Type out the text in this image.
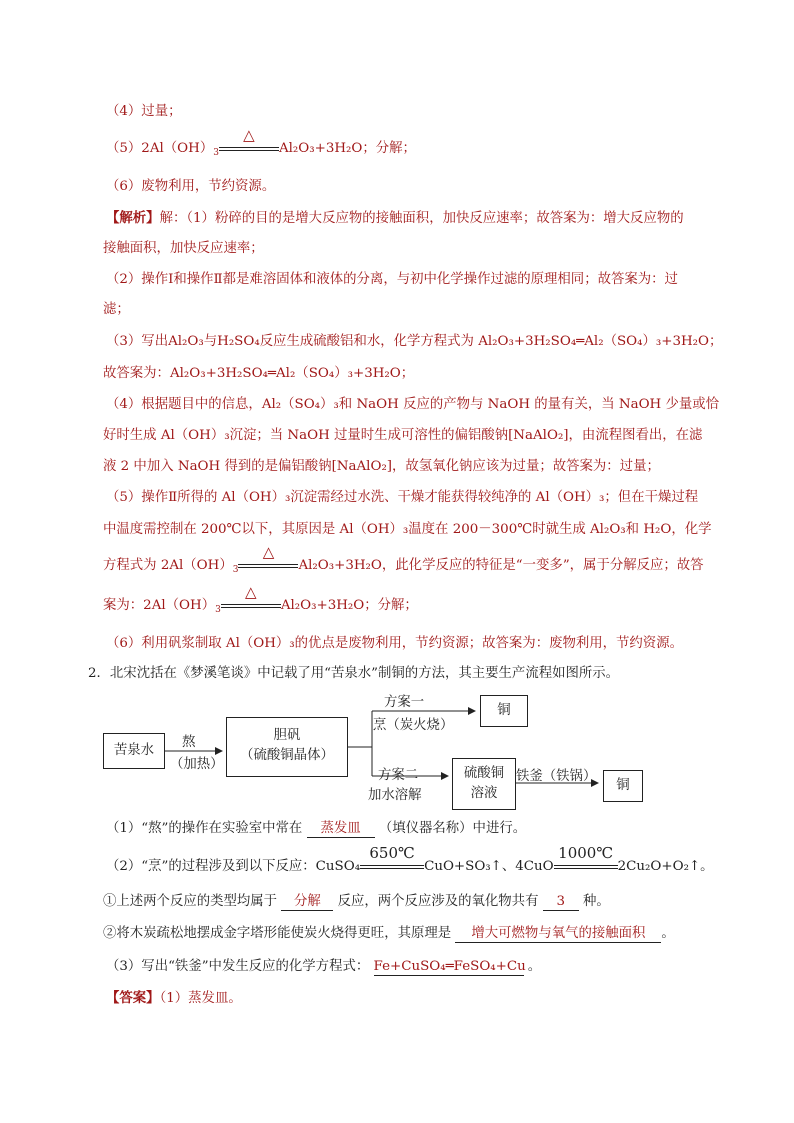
（4）过量；
$(5)2Al(OH)_3$
△
Al₂O₃+3H₂O；分解；
（6）废物利用，节约资源。
【解析】解：（1）粉碎的目的是增大反应物的接触面积，加快反应速率；故答案为：增大反应物的
接触面积，加快反应速率；
（2）操作Ⅰ和操作Ⅱ都是难溶固体和液体的分离，与初中化学操作过滤的原理相同；故答案为：过
滤；
（3）写出Al₂O₃与H₂SO₄反应生成硫酸铝和水，化学方程式为 Al₂O₃+3H₂SO₄═Al₂（SO₄）₃+3H₂O；
故答案为：Al₂O₃+3H₂SO₄═Al₂（SO₄）₃+3H₂O；
（4）根据题目中的信息，Al₂（SO₄）₃和 NaOH 反应的产物与 NaOH 的量有关，当 NaOH 少量或恰
好时生成 Al（OH）₃沉淀；当 NaOH 过量时生成可溶性的偏铝酸钠[NaAlO₂]，由流程图看出，在滤
液 2 中加入 NaOH 得到的是偏铝酸钠[NaAlO₂]，故氢氧化钠应该为过量；故答案为：过量；
（5）操作Ⅱ所得的 Al（OH）₃沉淀需经过水洗、干燥才能获得较纯净的 Al（OH）₃；但在干燥过程
中温度需控制在 200℃以下，其原因是 Al（OH）₃温度在 200－300℃时就生成 Al₂O₃和 H₂O，化学
方程式为 $2Al(OH)_3$
△
Al₂O₃+3H₂O，此化学反应的特征是“一变多”，属于分解反应；故答
案为：$2Al(OH)_3$
△
Al₂O₃+3H₂O；分解；
（6）利用矾浆制取 Al（OH）₃的优点是废物利用，节约资源；故答案为：废物利用，节约资源。
2．北宋沈括在《梦溪笔谈》中记载了用“苦泉水”制铜的方法，其主要生产流程如图所示。
苦泉水
熬
（加热）
胆矾
（硫酸铜晶体）
方案一
烹（炭火烧）
铜
方案二
加水溶解
硫酸铜
溶液
铁釜（铁锅）
铜
（1）“熬”的操作在实验室中常在 蒸发皿 （填仪器名称）中进行。
（2）“烹”的过程涉及到以下反应：CuSO₄
650℃
CuO+SO₃↑、4CuO
1000℃
2Cu₂O+O₂↑。
①上述两个反应的类型均属于 分解 反应，两个反应涉及的氧化物共有 3 种。
②将木炭疏松地摆成金字塔形能使炭火烧得更旺，其原理是 增大可燃物与氧气的接触面积 。
（3）写出“铁釜”中发生反应的化学方程式： Fe+CuSO₄═FeSO₄+Cu 。
【答案】（1）蒸发皿。
